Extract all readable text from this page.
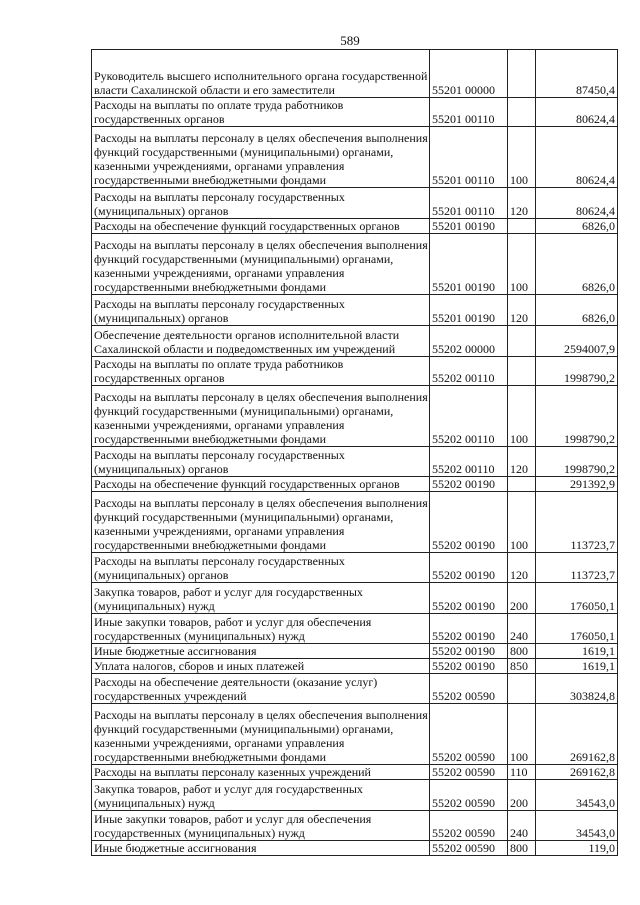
589
Руководитель высшего исполнительного органа государственной власти Сахалинской области и его заместители	55201 00000		87450,4
Расходы на выплаты по оплате труда работников государственных органов	55201 00110		80624,4
Расходы на выплаты персоналу в целях обеспечения выполнения функций государственными (муниципальными) органами, казенными учреждениями, органами управления государственными внебюджетными фондами	55201 00110	100	80624,4
Расходы на выплаты персоналу государственных (муниципальных) органов	55201 00110	120	80624,4
Расходы на обеспечение функций государственных органов	55201 00190		6826,0
Расходы на выплаты персоналу в целях обеспечения выполнения функций государственными (муниципальными) органами, казенными учреждениями, органами управления государственными внебюджетными фондами	55201 00190	100	6826,0
Расходы на выплаты персоналу государственных (муниципальных) органов	55201 00190	120	6826,0
Обеспечение деятельности органов исполнительной власти Сахалинской области и подведомственных им учреждений	55202 00000		2594007,9
Расходы на выплаты по оплате труда работников государственных органов	55202 00110		1998790,2
Расходы на выплаты персоналу в целях обеспечения выполнения функций государственными (муниципальными) органами, казенными учреждениями, органами управления государственными внебюджетными фондами	55202 00110	100	1998790,2
Расходы на выплаты персоналу государственных (муниципальных) органов	55202 00110	120	1998790,2
Расходы на обеспечение функций государственных органов	55202 00190		291392,9
Расходы на выплаты персоналу в целях обеспечения выполнения функций государственными (муниципальными) органами, казенными учреждениями, органами управления государственными внебюджетными фондами	55202 00190	100	113723,7
Расходы на выплаты персоналу государственных (муниципальных) органов	55202 00190	120	113723,7
Закупка товаров, работ и услуг для государственных (муниципальных) нужд	55202 00190	200	176050,1
Иные закупки товаров, работ и услуг для обеспечения государственных (муниципальных) нужд	55202 00190	240	176050,1
Иные бюджетные ассигнования	55202 00190	800	1619,1
Уплата налогов, сборов и иных платежей	55202 00190	850	1619,1
Расходы на обеспечение деятельности (оказание услуг) государственных учреждений	55202 00590		303824,8
Расходы на выплаты персоналу в целях обеспечения выполнения функций государственными (муниципальными) органами, казенными учреждениями, органами управления государственными внебюджетными фондами	55202 00590	100	269162,8
Расходы на выплаты персоналу казенных учреждений	55202 00590	110	269162,8
Закупка товаров, работ и услуг для государственных (муниципальных) нужд	55202 00590	200	34543,0
Иные закупки товаров, работ и услуг для обеспечения государственных (муниципальных) нужд	55202 00590	240	34543,0
Иные бюджетные ассигнования	55202 00590	800	119,0
